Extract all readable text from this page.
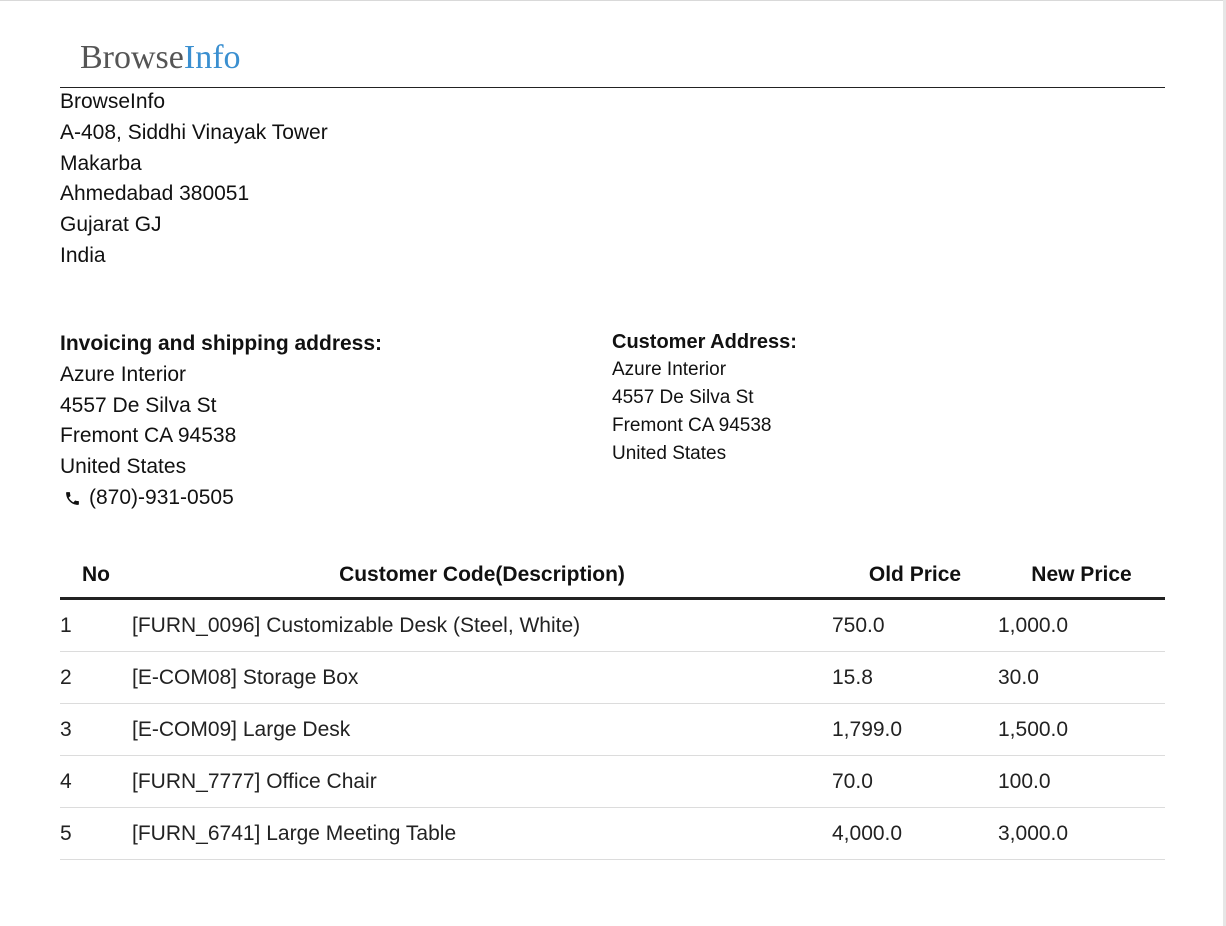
BrowseInfo
BrowseInfo
A-408, Siddhi Vinayak Tower
Makarba
Ahmedabad 380051
Gujarat GJ
India
Invoicing and shipping address:
Azure Interior
4557 De Silva St
Fremont CA 94538
United States
(870)-931-0505
Customer Address:
Azure Interior
4557 De Silva St
Fremont CA 94538
United States
No	Customer Code(Description)	Old Price	New Price
1	[FURN_0096] Customizable Desk (Steel, White)	750.0	1,000.0
2	[E-COM08] Storage Box	15.8	30.0
3	[E-COM09] Large Desk	1,799.0	1,500.0
4	[FURN_7777] Office Chair	70.0	100.0
5	[FURN_6741] Large Meeting Table	4,000.0	3,000.0
